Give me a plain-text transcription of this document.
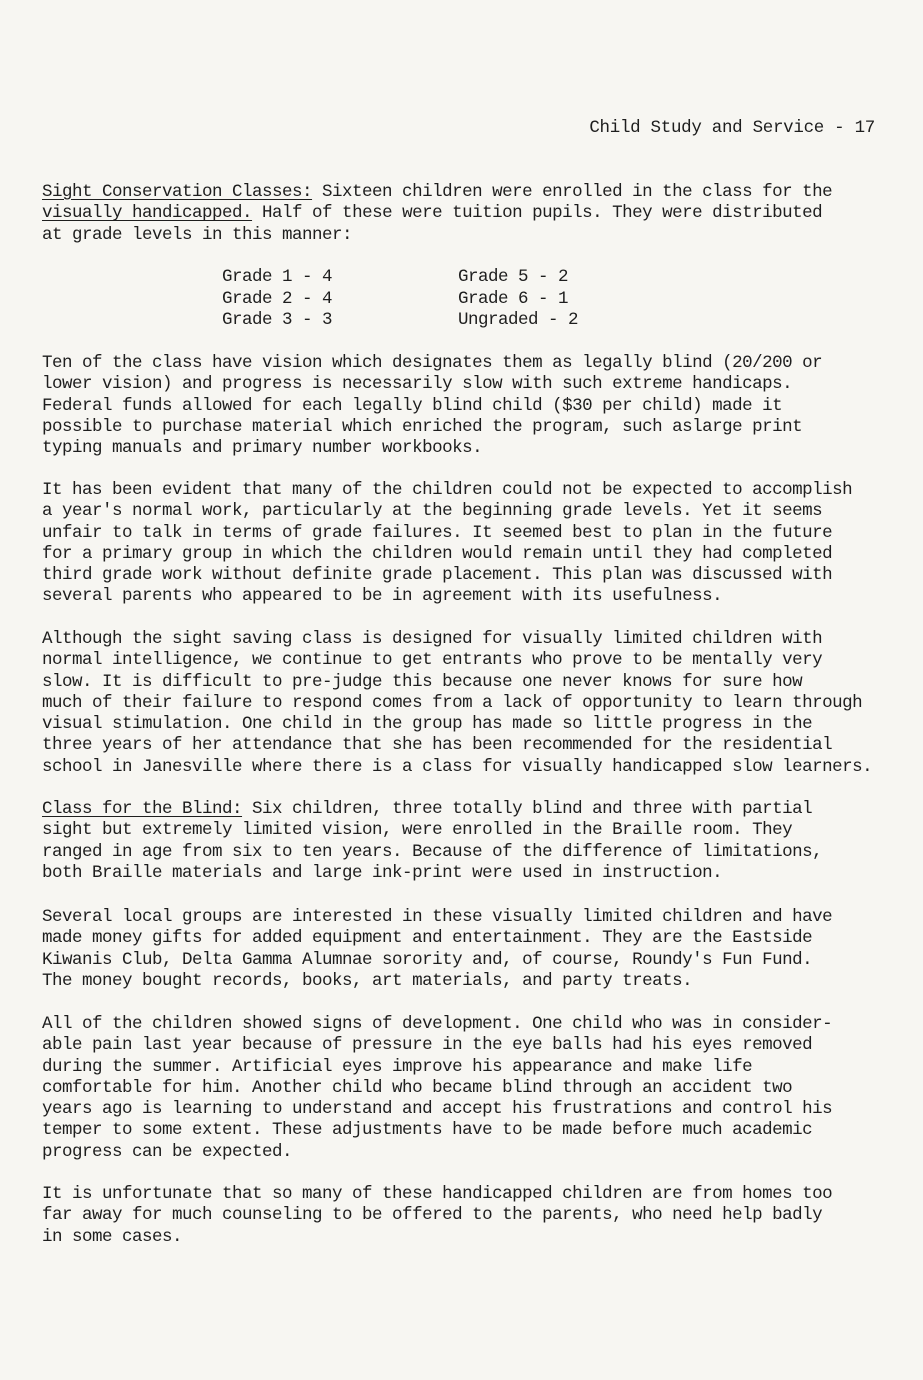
Child Study and Service - 17

Sight Conservation Classes: Sixteen children were enrolled in the class for the
visually handicapped. Half of these were tuition pupils. They were distributed
at grade levels in this manner:

Grade 1 - 4	Grade 5 - 2
Grade 2 - 4	Grade 6 - 1
Grade 3 - 3	Ungraded - 2

Ten of the class have vision which designates them as legally blind (20/200 or
lower vision) and progress is necessarily slow with such extreme handicaps.
Federal funds allowed for each legally blind child ($30 per child) made it
possible to purchase material which enriched the program, such aslarge print
typing manuals and primary number workbooks.

It has been evident that many of the children could not be expected to accomplish
a year's normal work, particularly at the beginning grade levels. Yet it seems
unfair to talk in terms of grade failures. It seemed best to plan in the future
for a primary group in which the children would remain until they had completed
third grade work without definite grade placement. This plan was discussed with
several parents who appeared to be in agreement with its usefulness.

Although the sight saving class is designed for visually limited children with
normal intelligence, we continue to get entrants who prove to be mentally very
slow. It is difficult to pre-judge this because one never knows for sure how
much of their failure to respond comes from a lack of opportunity to learn through
visual stimulation. One child in the group has made so little progress in the
three years of her attendance that she has been recommended for the residential
school in Janesville where there is a class for visually handicapped slow learners.

Class for the Blind: Six children, three totally blind and three with partial
sight but extremely limited vision, were enrolled in the Braille room. They
ranged in age from six to ten years. Because of the difference of limitations,
both Braille materials and large ink-print were used in instruction.

Several local groups are interested in these visually limited children and have
made money gifts for added equipment and entertainment. They are the Eastside
Kiwanis Club, Delta Gamma Alumnae sorority and, of course, Roundy's Fun Fund.
The money bought records, books, art materials, and party treats.

All of the children showed signs of development. One child who was in consider-
able pain last year because of pressure in the eye balls had his eyes removed
during the summer. Artificial eyes improve his appearance and make life
comfortable for him. Another child who became blind through an accident two
years ago is learning to understand and accept his frustrations and control his
temper to some extent. These adjustments have to be made before much academic
progress can be expected.

It is unfortunate that so many of these handicapped children are from homes too
far away for much counseling to be offered to the parents, who need help badly
in some cases.
